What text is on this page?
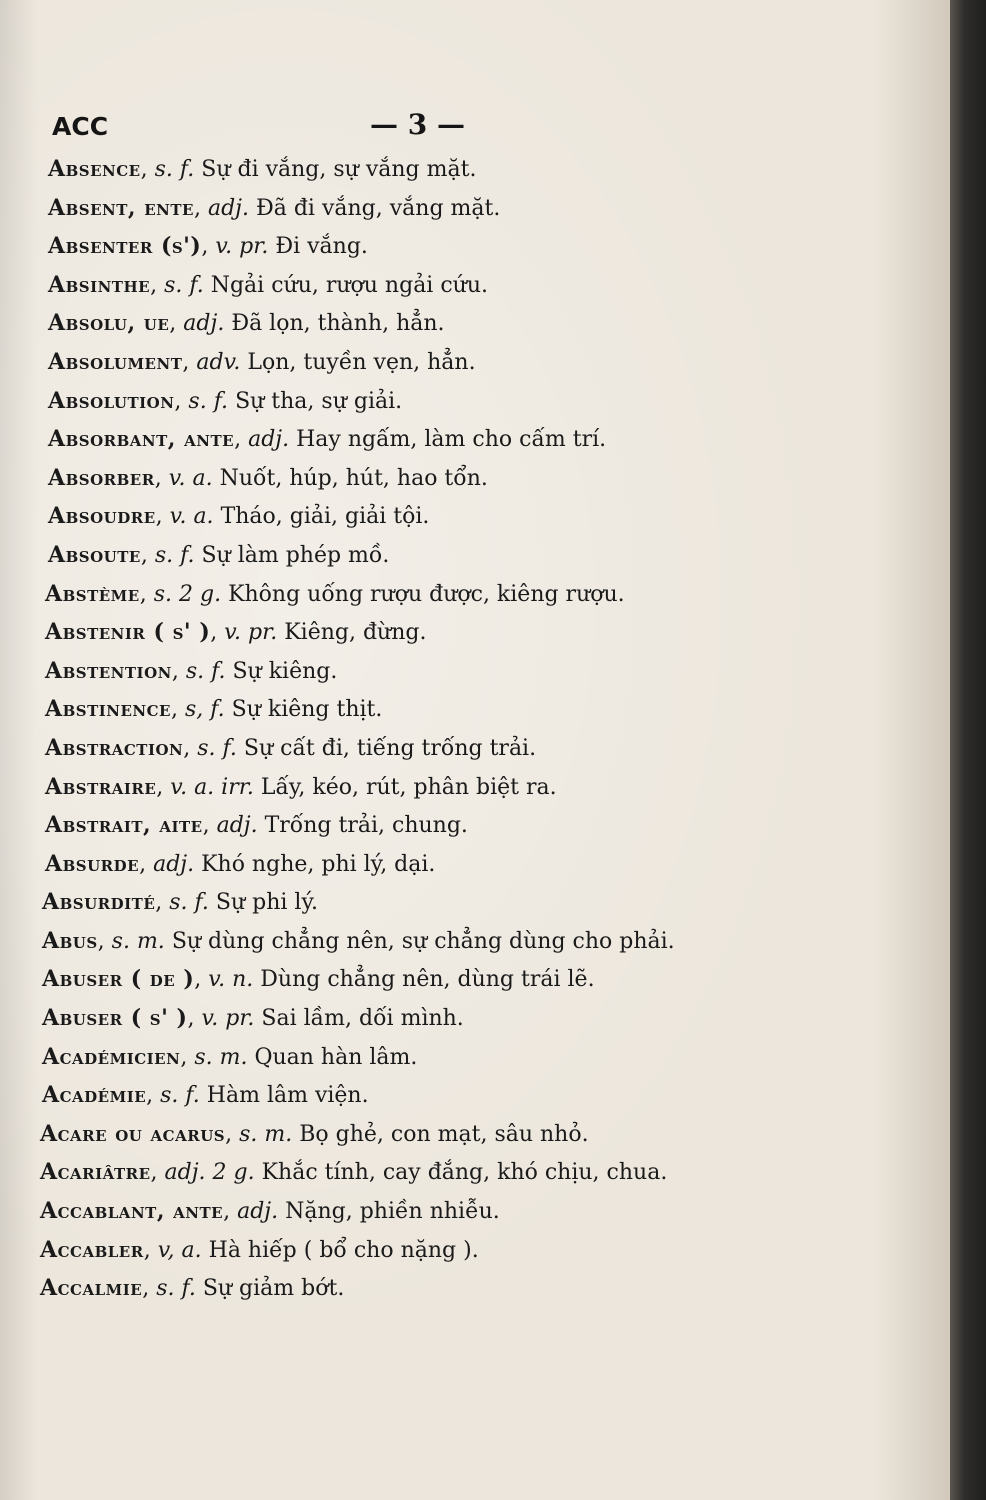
ACC	— 3 —
Absence, s. f. Sự đi vắng, sự vắng mặt.
Absent, ente, adj. Đã đi vắng, vắng mặt.
Absenter (s'), v. pr. Đi vắng.
Absinthe, s. f. Ngải cứu, rượu ngải cứu.
Absolu, ue, adj. Đã lọn, thành, hẳn.
Absolument, adv. Lọn, tuyền vẹn, hẳn.
Absolution, s. f. Sự tha, sự giải.
Absorbant, ante, adj. Hay ngấm, làm cho cấm trí.
Absorber, v. a. Nuốt, húp, hút, hao tổn.
Absoudre, v. a. Tháo, giải, giải tội.
Absoute, s. f. Sự làm phép mồ.
Abstème, s. 2 g. Không uống rượu được, kiêng rượu.
Abstenir ( s' ), v. pr. Kiêng, đừng.
Abstention, s. f. Sự kiêng.
Abstinence, s, f. Sự kiêng thịt.
Abstraction, s. f. Sự cất đi, tiếng trống trải.
Abstraire, v. a. irr. Lấy, kéo, rút, phân biệt ra.
Abstrait, aite, adj. Trống trải, chung.
Absurde, adj. Khó nghe, phi lý, dại.
Absurdité, s. f. Sự phi lý.
Abus, s. m. Sự dùng chẳng nên, sự chẳng dùng cho phải.
Abuser ( de ), v. n. Dùng chẳng nên, dùng trái lẽ.
Abuser ( s' ), v. pr. Sai lầm, dối mình.
Académicien, s. m. Quan hàn lâm.
Académie, s. f. Hàm lâm viện.
Acare ou acarus, s. m. Bọ ghẻ, con mạt, sâu nhỏ.
Acariâtre, adj. 2 g. Khắc tính, cay đắng, khó chịu, chua.
Accablant, ante, adj. Nặng, phiền nhiễu.
Accabler, v, a. Hà hiếp ( bổ cho nặng ).
Accalmie, s. f. Sự giảm bớt.
